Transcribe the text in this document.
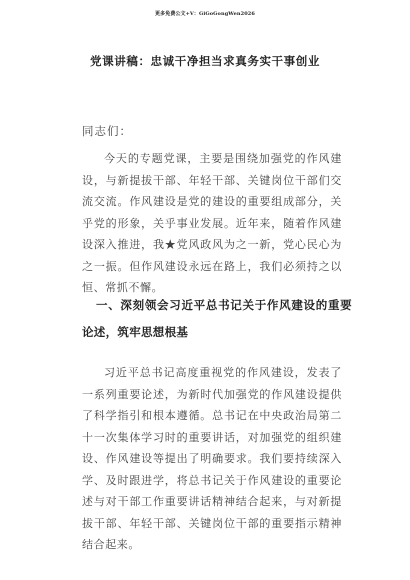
更多免费公文+V：GiGoGongWen2026
党课讲稿：忠诚干净担当求真务实干事创业
同志们：
今天的专题党课，主要是围绕加强党的作风建设，与新提拔干部、年轻干部、关键岗位干部们交流交流。作风建设是党的建设的重要组成部分，关乎党的形象，关乎事业发展。近年来，随着作风建设深入推进，我★党风政风为之一新，党心民心为之一振。但作风建设永远在路上，我们必须持之以恒、常抓不懈。
一、深刻领会习近平总书记关于作风建设的重要论述，筑牢思想根基
习近平总书记高度重视党的作风建设，发表了一系列重要论述，为新时代加强党的作风建设提供了科学指引和根本遵循。总书记在中央政治局第二十一次集体学习时的重要讲话，对加强党的组织建设、作风建设等提出了明确要求。我们要持续深入学、及时跟进学，将总书记关于作风建设的重要论述与对干部工作重要讲话精神结合起来，与对新提拔干部、年轻干部、关键岗位干部的重要指示精神结合起来。
